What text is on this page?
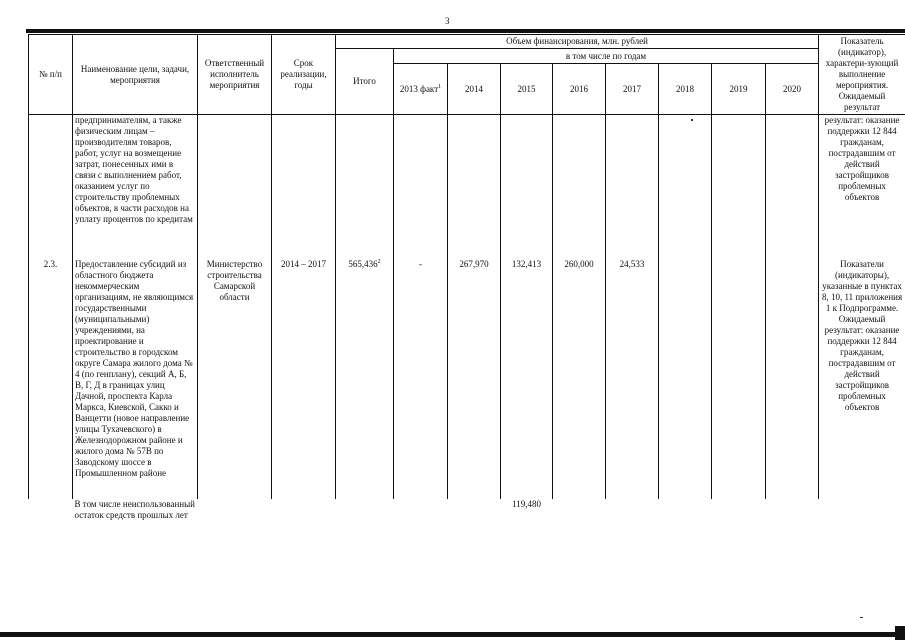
3
№ п/п	Наименование цели, задачи, мероприятия	Ответственный исполнитель мероприятия	Срок реализации, годы	Объем финансирования, млн. рублей									Показатель (индикатор), характери-зующий выполнение мероприятия. Ожидаемый результат
				Итого	в том числе по годам								
					2013 факт$^1$	2014	2015	2016	2017	2018	2019	2020	
	предпринимателям, а также физическим лицам – производителям товаров, работ, услуг на возмещение затрат, понесенных ими в связи с выполнением работ, оказанием услуг по строительству проблемных объектов, в части расходов на уплату процентов по кредитам												результат: оказание поддержки 12 844 гражданам, пострадавшим от действий застройщиков проблемных объектов
2.3.	Предоставление субсидий из областного бюджета некоммерческим организациям, не являющимся государственными (муниципальными) учреждениями, на проектирование и строительство в городском округе Самара жилого дома № 4 (по генплану), секций А, Б, В, Г, Д в границах улиц Дачной, проспекта Карла Маркса, Киевской, Сакко и Ванцетти (новое направление улицы Тухачевского) в Железнодорожном районе и жилого дома № 57В по Заводскому шоссе в Промышленном районе	Министерство строительства Самарской области	2014 – 2017	565,436$^2$	-	267,970	132,413	260,000	24,533				Показатели (индикаторы), указанные в пунктах 8, 10, 11 приложения 1 к Подпрограмме. Ожидаемый результат: оказание поддержки 12 844 гражданам, пострадавшим от действий застройщиков проблемных объектов
	В том числе неиспользованный остаток средств прошлых лет						119,480						
